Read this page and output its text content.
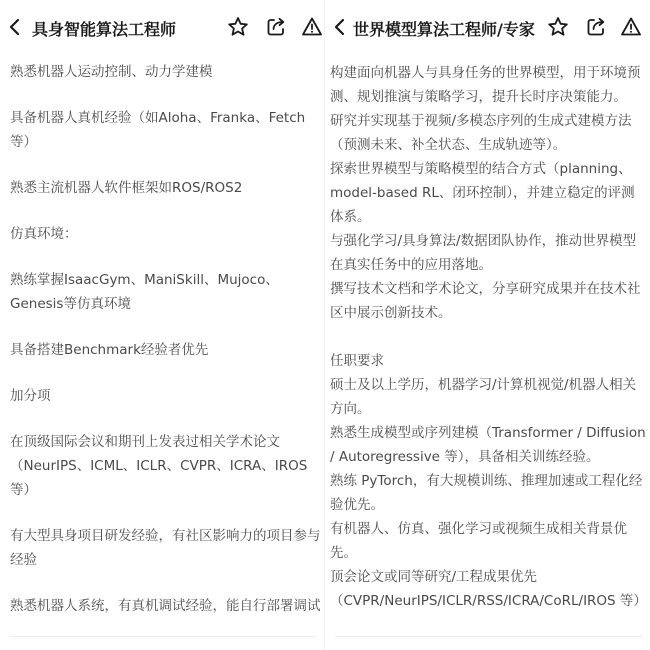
具身智能算法工程师
熟悉机器人运动控制、动力学建模
具备机器人真机经验（如Aloha、Franka、Fetch等）
熟悉主流机器人软件框架如ROS/ROS2
仿真环境：
熟练掌握IsaacGym、ManiSkill、Mujoco、Genesis等仿真环境
具备搭建Benchmark经验者优先
加分项
在顶级国际会议和期刊上发表过相关学术论文（NeurIPS、ICML、ICLR、CVPR、ICRA、IROS等）
有大型具身项目研发经验，有社区影响力的项目参与经验
熟悉机器人系统，有真机调试经验，能自行部署调试
世界模型算法工程师/专家
构建面向机器人与具身任务的世界模型，用于环境预测、规划推演与策略学习，提升长时序决策能力。
研究并实现基于视频/多模态序列的生成式建模方法（预测未来、补全状态、生成轨迹等）。
探索世界模型与策略模型的结合方式（planning、model-based RL、闭环控制），并建立稳定的评测体系。
与强化学习/具身算法/数据团队协作，推动世界模型在真实任务中的应用落地。
撰写技术文档和学术论文，分享研究成果并在技术社区中展示创新技术。
任职要求
硕士及以上学历，机器学习/计算机视觉/机器人相关方向。
熟悉生成模型或序列建模（Transformer / Diffusion / Autoregressive 等），具备相关训练经验。
熟练 PyTorch，有大规模训练、推理加速或工程化经验优先。
有机器人、仿真、强化学习或视频生成相关背景优先。
顶会论文或同等研究/工程成果优先（CVPR/NeurIPS/ICLR/RSS/ICRA/CoRL/IROS 等）
